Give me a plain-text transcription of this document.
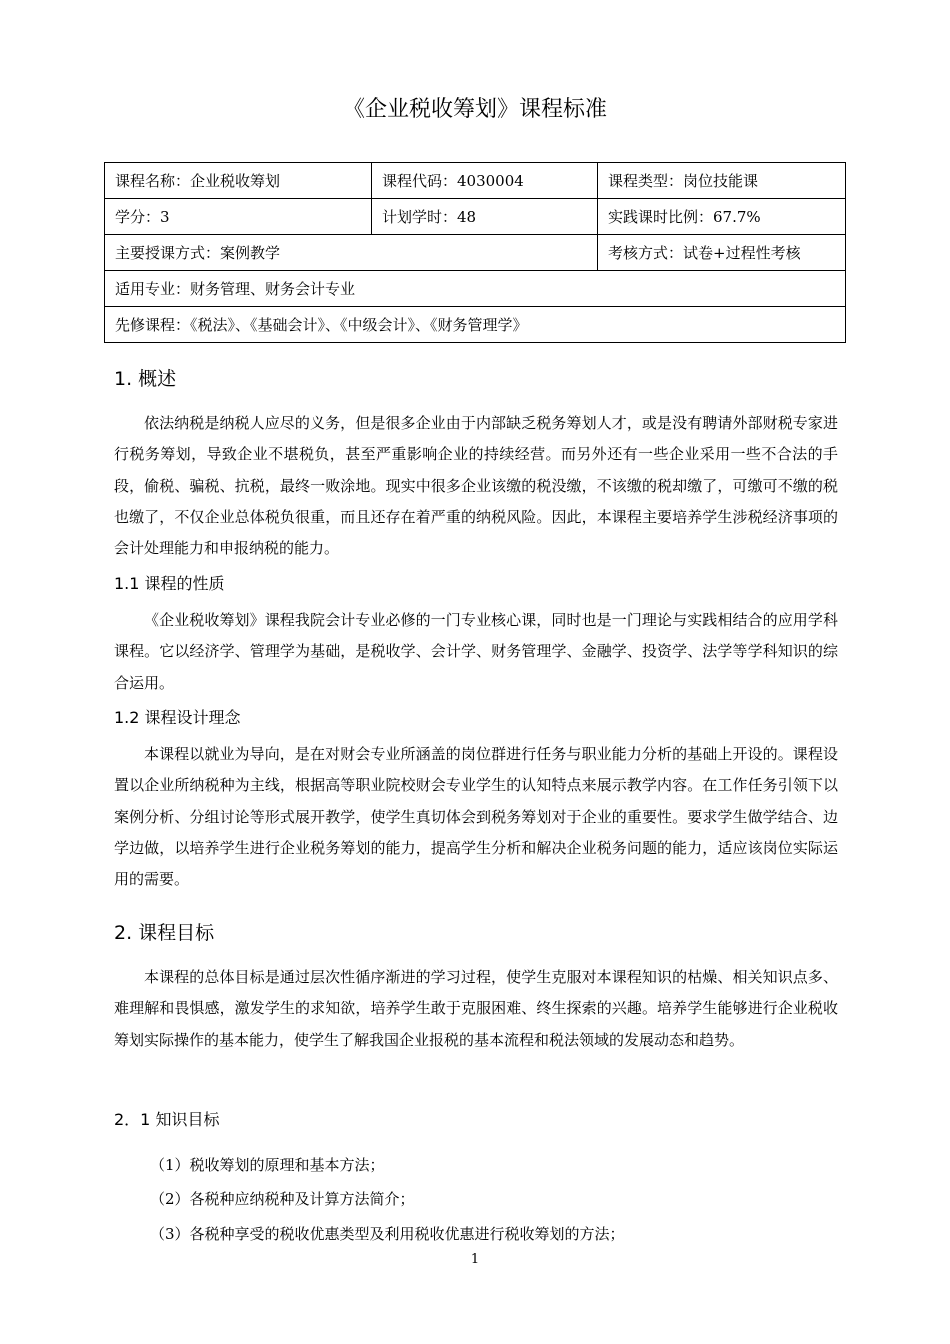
《企业税收筹划》课程标准
课程名称：企业税收筹划	课程代码：4030004	课程类型：岗位技能课
学分：3	计划学时：48	实践课时比例：67.7%
主要授课方式：案例教学		考核方式：试卷+过程性考核
适用专业：财务管理、财务会计专业		
先修课程：《税法》、《基础会计》、《中级会计》、《财务管理学》		
1. 概述

依法纳税是纳税人应尽的义务，但是很多企业由于内部缺乏税务筹划人才，或是没有聘请外部财税专家进行税务筹划，导致企业不堪税负，甚至严重影响企业的持续经营。而另外还有一些企业采用一些不合法的手段，偷税、骗税、抗税，最终一败涂地。现实中很多企业该缴的税没缴，不该缴的税却缴了，可缴可不缴的税也缴了，不仅企业总体税负很重，而且还存在着严重的纳税风险。因此，本课程主要培养学生涉税经济事项的会计处理能力和申报纳税的能力。

1.1 课程的性质

《企业税收筹划》课程我院会计专业必修的一门专业核心课，同时也是一门理论与实践相结合的应用学科课程。它以经济学、管理学为基础，是税收学、会计学、财务管理学、金融学、投资学、法学等学科知识的综合运用。

1.2 课程设计理念

本课程以就业为导向，是在对财会专业所涵盖的岗位群进行任务与职业能力分析的基础上开设的。课程设置以企业所纳税种为主线，根据高等职业院校财会专业学生的认知特点来展示教学内容。在工作任务引领下以案例分析、分组讨论等形式展开教学，使学生真切体会到税务筹划对于企业的重要性。要求学生做学结合、边学边做，以培养学生进行企业税务筹划的能力，提高学生分析和解决企业税务问题的能力，适应该岗位实际运用的需要。

2. 课程目标

本课程的总体目标是通过层次性循序渐进的学习过程，使学生克服对本课程知识的枯燥、相关知识点多、难理解和畏惧感，激发学生的求知欲，培养学生敢于克服困难、终生探索的兴趣。培养学生能够进行企业税收筹划实际操作的基本能力，使学生了解我国企业报税的基本流程和税法领域的发展动态和趋势。

2．1 知识目标
（1）税收筹划的原理和基本方法；
（2）各税种应纳税种及计算方法简介；
（3）各税种享受的税收优惠类型及利用税收优惠进行税收筹划的方法；
1
